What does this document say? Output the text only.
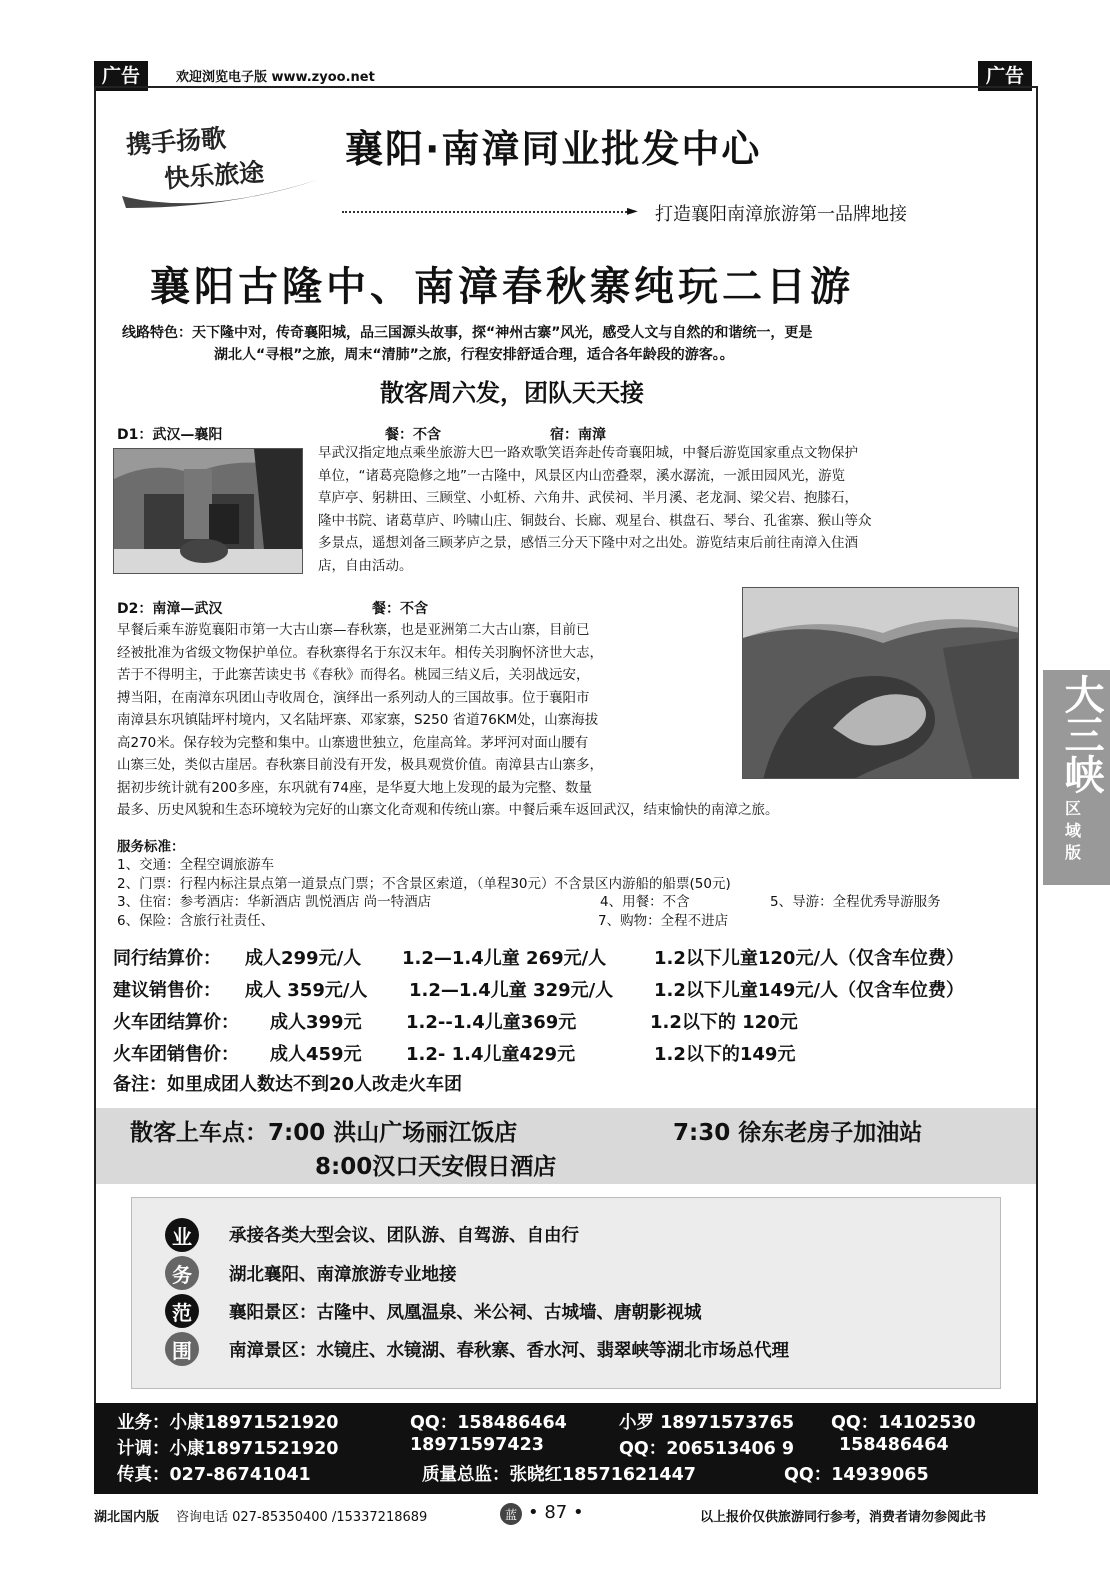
广告	欢迎浏览电子版 www.zyoo.net	广告
携手扬歌
快乐旅途
襄阳·南漳同业批发中心
► 打造襄阳南漳旅游第一品牌地接
襄阳古隆中、南漳春秋寨纯玩二日游
线路特色：天下隆中对，传奇襄阳城，品三国源头故事，探“神州古寨”风光，感受人文与自然的和谐统一，更是
湖北人“寻根”之旅，周末“清肺”之旅，行程安排舒适合理，适合各年龄段的游客。。
散客周六发，团队天天接
D1：武汉—襄阳	餐：不含	宿：南漳
早武汉指定地点乘坐旅游大巴一路欢歌笑语奔赴传奇襄阳城，中餐后游览国家重点文物保护
单位，“诸葛亮隐修之地”一古隆中，风景区内山峦叠翠，溪水潺流，一派田园风光，游览
草庐亭、躬耕田、三顾堂、小虹桥、六角井、武侯祠、半月溪、老龙洞、梁父岩、抱膝石，
隆中书院、诸葛草庐、吟啸山庄、铜鼓台、长廊、观星台、棋盘石、琴台、孔雀寨、猴山等众
多景点，遥想刘备三顾茅庐之景，感悟三分天下隆中对之出处。游览结束后前往南漳入住酒
店，自由活动。
D2：南漳—武汉	餐：不含
早餐后乘车游览襄阳市第一大古山寨—春秋寨，也是亚洲第二大古山寨，目前已
经被批准为省级文物保护单位。春秋寨得名于东汉末年。相传关羽胸怀济世大志，
苦于不得明主，于此寨苦读史书《春秋》而得名。桃园三结义后，关羽战远安，
搏当阳，在南漳东巩团山寺收周仓，演绎出一系列动人的三国故事。位于襄阳市
南漳县东巩镇陆坪村境内，又名陆坪寨、邓家寨，S250 省道76KM处，山寨海拔
高270米。保存较为完整和集中。山寨遗世独立，危崖高耸。茅坪河对面山腰有
山寨三处，类似古崖居。春秋寨目前没有开发，极具观赏价值。南漳县古山寨多，
据初步统计就有200多座，东巩就有74座，是华夏大地上发现的最为完整、数量
最多、历史风貌和生态环境较为完好的山寨文化奇观和传统山寨。中餐后乘车返回武汉，结束愉快的南漳之旅。
服务标准：
1、交通：全程空调旅游车
2、门票：行程内标注景点第一道景点门票；不含景区索道，（单程30元）不含景区内游船的船票(50元)
3、住宿：参考酒店：华新酒店 凯悦酒店 尚一特酒店	4、用餐：不含	5、导游：全程优秀导游服务
6、保险：含旅行社责任、	7、购物：全程不进店
同行结算价： 成人299元/人 1.2—1.4儿童 269元/人	1.2以下儿童120元/人（仅含车位费）
建议销售价： 成人 359元/人 1.2—1.4儿童 329元/人 1.2以下儿童149元/人（仅含车位费）
火车团结算价： 成人399元 1.2--1.4儿童369元	1.2以下的 120元
火车团销售价： 成人459元 1.2- 1.4儿童429元	1.2以下的149元
备注：如里成团人数达不到20人改走火车团
散客上车点：7:00 洪山广场丽江饭店	7:30 徐东老房子加油站
8:00汉口天安假日酒店
业
务
范
围
承接各类大型会议、团队游、自驾游、自由行
湖北襄阳、南漳旅游专业地接
襄阳景区：古隆中、凤凰温泉、米公祠、古城墙、唐朝影视城
南漳景区：水镜庄、水镜湖、春秋寨、香水河、翡翠峡等湖北市场总代理
业务：小康18971521920	QQ：158486464	小罗 18971573765 QQ：14102530
计调：小康18971521920	18971597423	QQ：206513406 9	158486464
传真：027-86741041	质量总监：张晓红18571621447	QQ：14939065
大三峡
区
域
版
湖北国内版 咨询电话 027-85350400 /15337218689	蓝 • 87 •	以上报价仅供旅游同行参考，消费者请勿参阅此书
